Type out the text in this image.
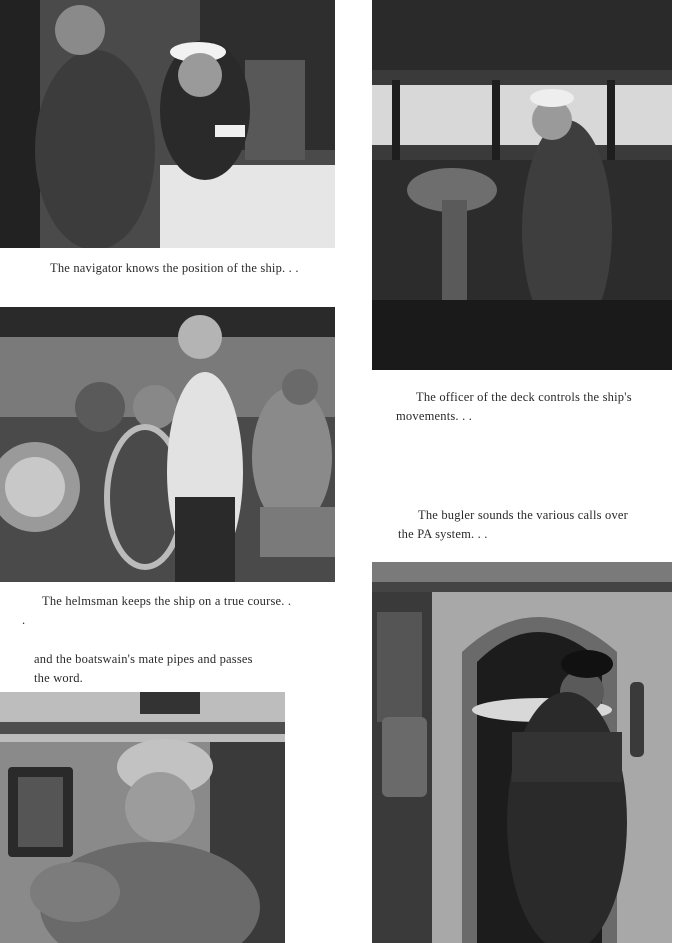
The navigator knows the position of the ship. . .

The officer of the deck controls the ship's movements. . .

The helmsman keeps the ship on a true course. . .

and the boatswain's mate pipes and passes the word.

The bugler sounds the various calls over the PA system. . .
